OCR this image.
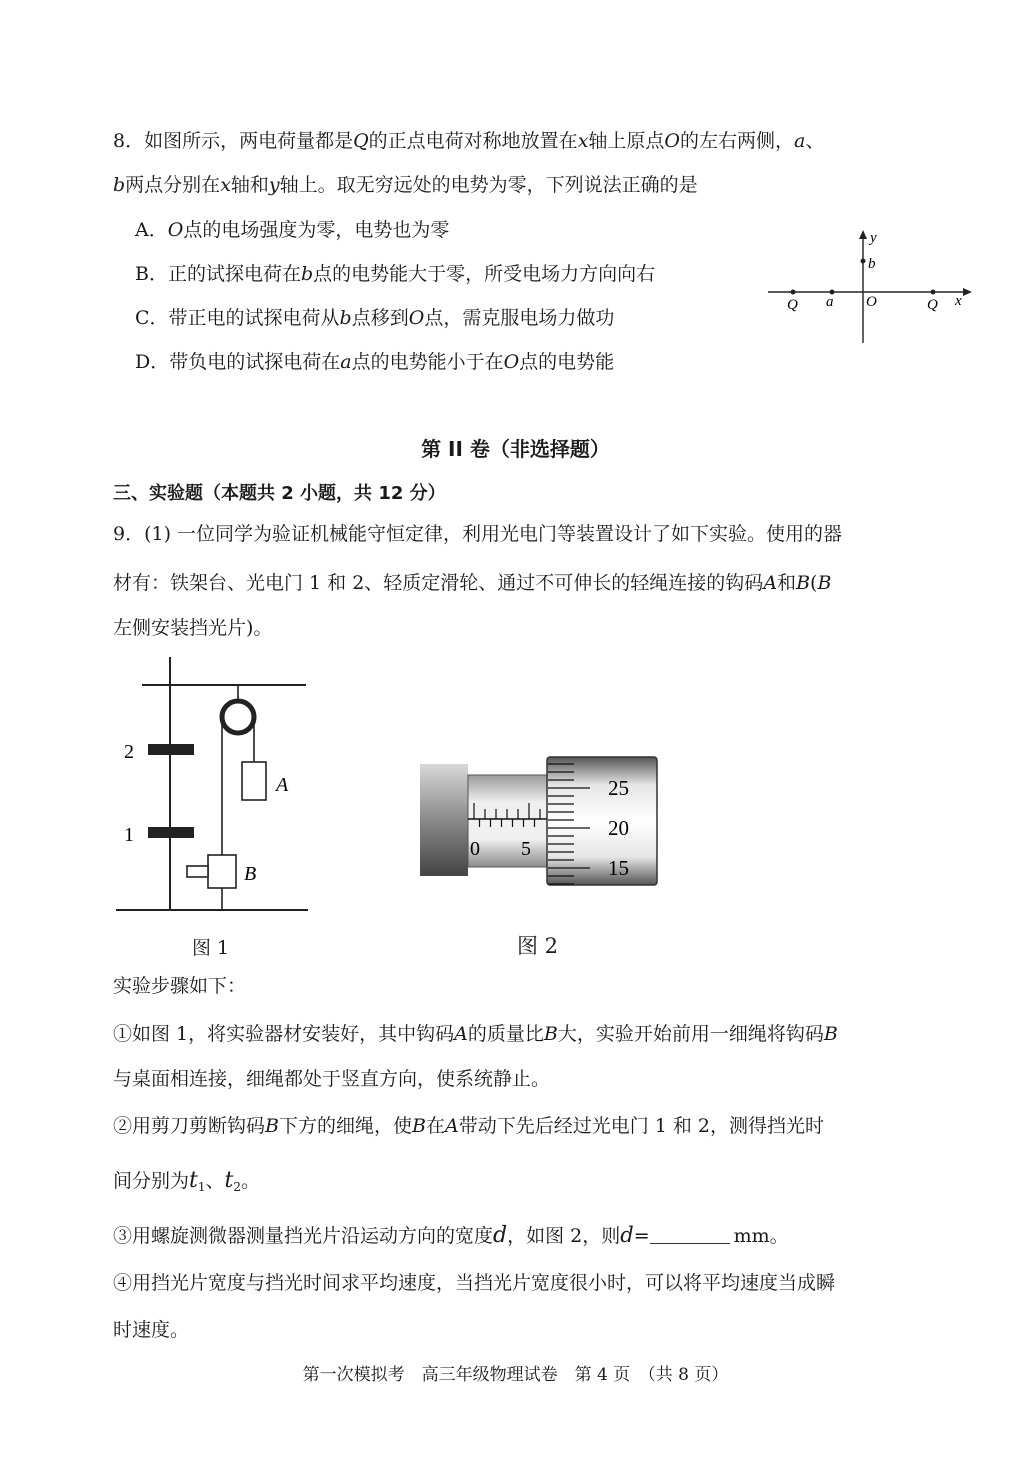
8．如图所示，两电荷量都是Q的正点电荷对称地放置在x轴上原点O的左右两侧，a、
b两点分别在x轴和y轴上。取无穷远处的电势为零，下列说法正确的是
A．O点的电场强度为零，电势也为零
B．正的试探电荷在b点的电势能大于零，所受电场力方向向右
C．带正电的试探电荷从b点移到O点，需克服电场力做功
D．带负电的试探电荷在a点的电势能小于在O点的电势能
y
b
x
O
a
Q	Q
第 II 卷（非选择题）
三、实验题（本题共 2 小题，共 12 分）
9．(1) 一位同学为验证机械能守恒定律，利用光电门等装置设计了如下实验。使用的器
材有：铁架台、光电门 1 和 2、轻质定滑轮、通过不可伸长的轻绳连接的钩码A和B(B
左侧安装挡光片)。
2
1
A
B
图 1
0 5
25
20
15
图 2
实验步骤如下：
①如图 1，将实验器材安装好，其中钩码A的质量比B大，实验开始前用一细绳将钩码B
与桌面相连接，细绳都处于竖直方向，使系统静止。
②用剪刀剪断钩码B下方的细绳，使B在A带动下先后经过光电门 1 和 2，测得挡光时
间分别为$t_1$、$t_2$。
③用螺旋测微器测量挡光片沿运动方向的宽度d，如图 2，则d=	mm。
④用挡光片宽度与挡光时间求平均速度，当挡光片宽度很小时，可以将平均速度当成瞬
时速度。
第一次模拟考　高三年级物理试卷　第 4 页　（共 8 页）
